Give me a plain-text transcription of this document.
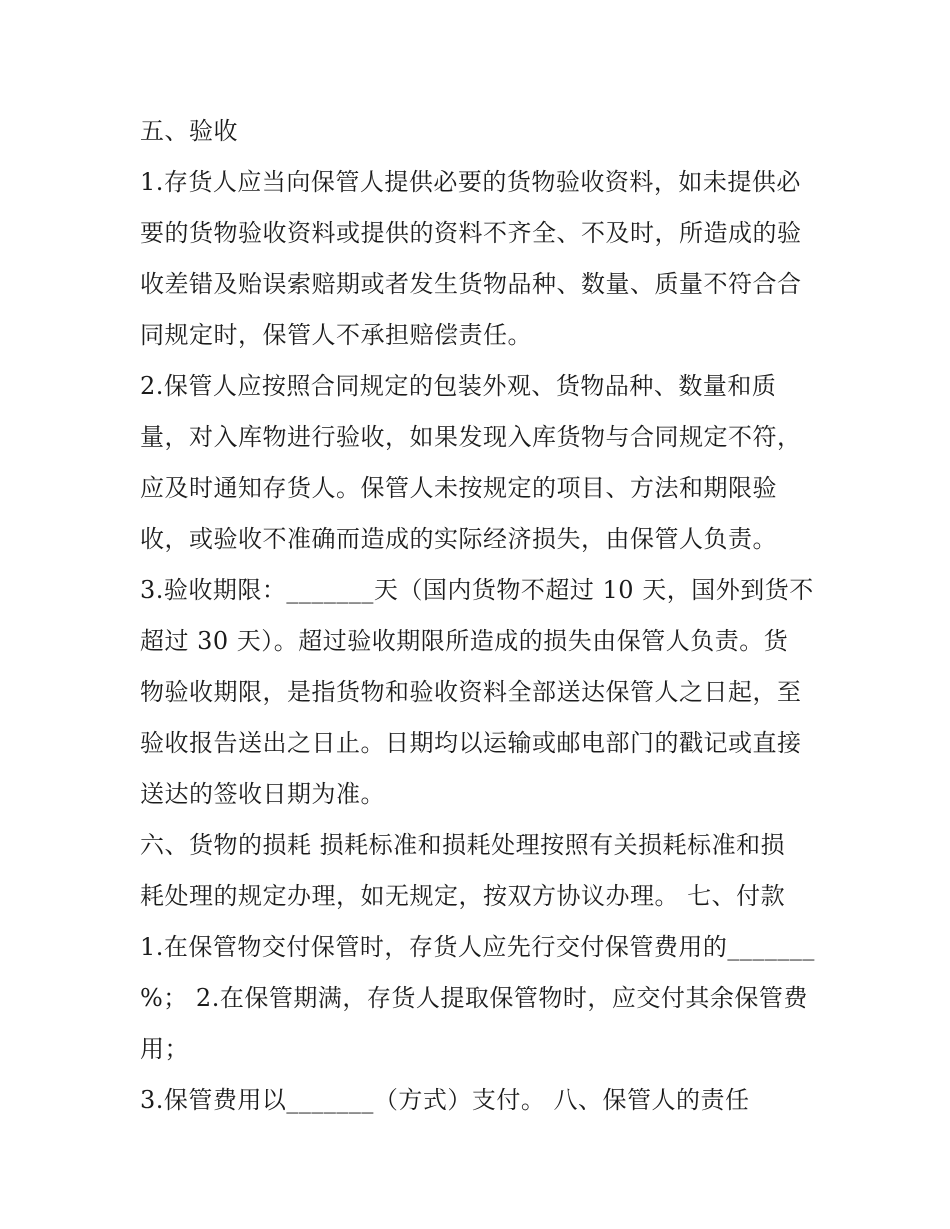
五、验收
1.存货人应当向保管人提供必要的货物验收资料，如未提供必
要的货物验收资料或提供的资料不齐全、不及时，所造成的验
收差错及贻误索赔期或者发生货物品种、数量、质量不符合合
同规定时，保管人不承担赔偿责任。
2.保管人应按照合同规定的包装外观、货物品种、数量和质
量，对入库物进行验收，如果发现入库货物与合同规定不符，
应及时通知存货人。保管人未按规定的项目、方法和期限验
收，或验收不准确而造成的实际经济损失，由保管人负责。
3.验收期限：_______天（国内货物不超过 10 天，国外到货不
超过 30 天）。超过验收期限所造成的损失由保管人负责。货
物验收期限，是指货物和验收资料全部送达保管人之日起，至
验收报告送出之日止。日期均以运输或邮电部门的戳记或直接
送达的签收日期为准。
六、货物的损耗 损耗标准和损耗处理按照有关损耗标准和损
耗处理的规定办理，如无规定，按双方协议办理。 七、付款
1.在保管物交付保管时，存货人应先行交付保管费用的_______
%； 2.在保管期满，存货人提取保管物时，应交付其余保管费
用；
3.保管费用以_______（方式）支付。 八、保管人的责任
